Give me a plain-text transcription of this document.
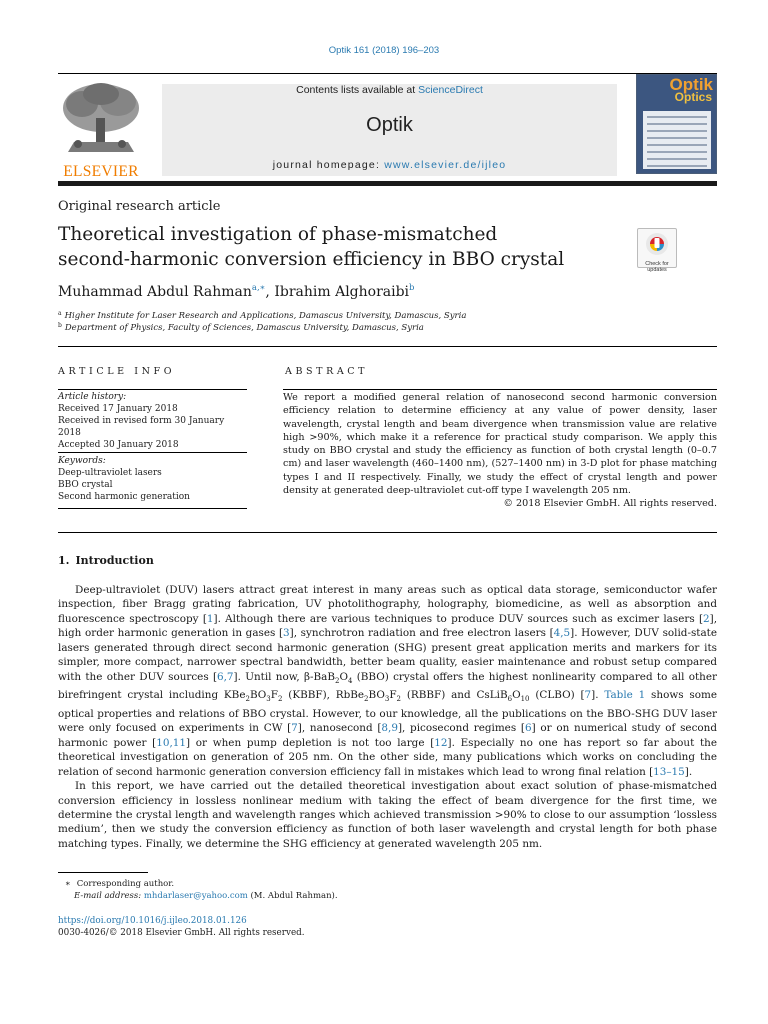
Optik 161 (2018) 196–203
ELSEVIER
Contents lists available at ScienceDirect
Optik
journal homepage: www.elsevier.de/ijleo
Optik
Optics
Original research article
Theoretical investigation of phase-mismatched
second-harmonic conversion efficiency in BBO crystal	Check for updates
Muhammad Abdul Rahman$^{a,∗}$, Ibrahim Alghoraibi$^b$
$^a$ Higher Institute for Laser Research and Applications, Damascus University, Damascus, Syria
$^b$ Department of Physics, Faculty of Sciences, Damascus University, Damascus, Syria
ARTICLE INFO	ABSTRACT
Article history:
Received 17 January 2018
Received in revised form 30 January 2018
Accepted 30 January 2018
Keywords:
Deep-ultraviolet lasers
BBO crystal
Second harmonic generation
We report a modified general relation of nanosecond second harmonic conversion efficiency relation to determine efficiency at any value of power density, laser wavelength, crystal length and beam divergence when transmission value are relative high >90%, which make it a reference for practical study comparison. We apply this study on BBO crystal and study the efficiency as function of both crystal length (0–0.7 cm) and laser wavelength (460–1400 nm), (527–1400 nm) in 3-D plot for phase matching types I and II respectively. Finally, we study the effect of crystal length and power density at generated deep-ultraviolet cut-off type I wavelength 205 nm.
© 2018 Elsevier GmbH. All rights reserved.
1. Introduction

Deep-ultraviolet (DUV) lasers attract great interest in many areas such as optical data storage, semiconductor wafer inspection, fiber Bragg grating fabrication, UV photolithography, holography, biomedicine, as well as absorption and fluorescence spectroscopy [1]. Although there are various techniques to produce DUV sources such as excimer lasers [2], high order harmonic generation in gases [3], synchrotron radiation and free electron lasers [4,5]. However, DUV solid-state lasers generated through direct second harmonic generation (SHG) present great application merits and markers for its simpler, more compact, narrower spectral bandwidth, better beam quality, easier maintenance and robust setup compared with the other DUV sources [6,7]. Until now, $\beta-BaB_2O_4$ (BBO) crystal offers the highest nonlinearity compared to all other birefringent crystal including $KBe_2BO_3F_2$ (KBBF), $RbBe_2BO_3F_2$ (RBBF) and $CsLiB_6O_{10}$ (CLBO) [7]. Table 1 shows some optical properties and relations of BBO crystal. However, to our knowledge, all the publications on the BBO-SHG DUV laser were only focused on experiments in CW [7], nanosecond [8,9], picosecond regimes [6] or on numerical study of second harmonic power [10,11] or when pump depletion is not too large [12]. Especially no one has report so far about the theoretical investigation on generation of 205 nm. On the other side, many publications which works on concluding the relation of second harmonic generation conversion efficiency fall in mistakes which lead to wrong final relation [13–15].

In this report, we have carried out the detailed theoretical investigation about exact solution of phase-mismatched conversion efficiency in lossless nonlinear medium with taking the effect of beam divergence for the first time, we determine the crystal length and wavelength ranges which achieved transmission >90% to close to our assumption ‘lossless medium’, then we study the conversion efficiency as function of both laser wavelength and crystal length for both phase matching types. Finally, we determine the SHG efficiency at generated wavelength 205 nm.

∗ Corresponding author.
E-mail address: mhdarlaser@yahoo.com (M. Abdul Rahman).
https://doi.org/10.1016/j.ijleo.2018.01.126
0030-4026/© 2018 Elsevier GmbH. All rights reserved.
